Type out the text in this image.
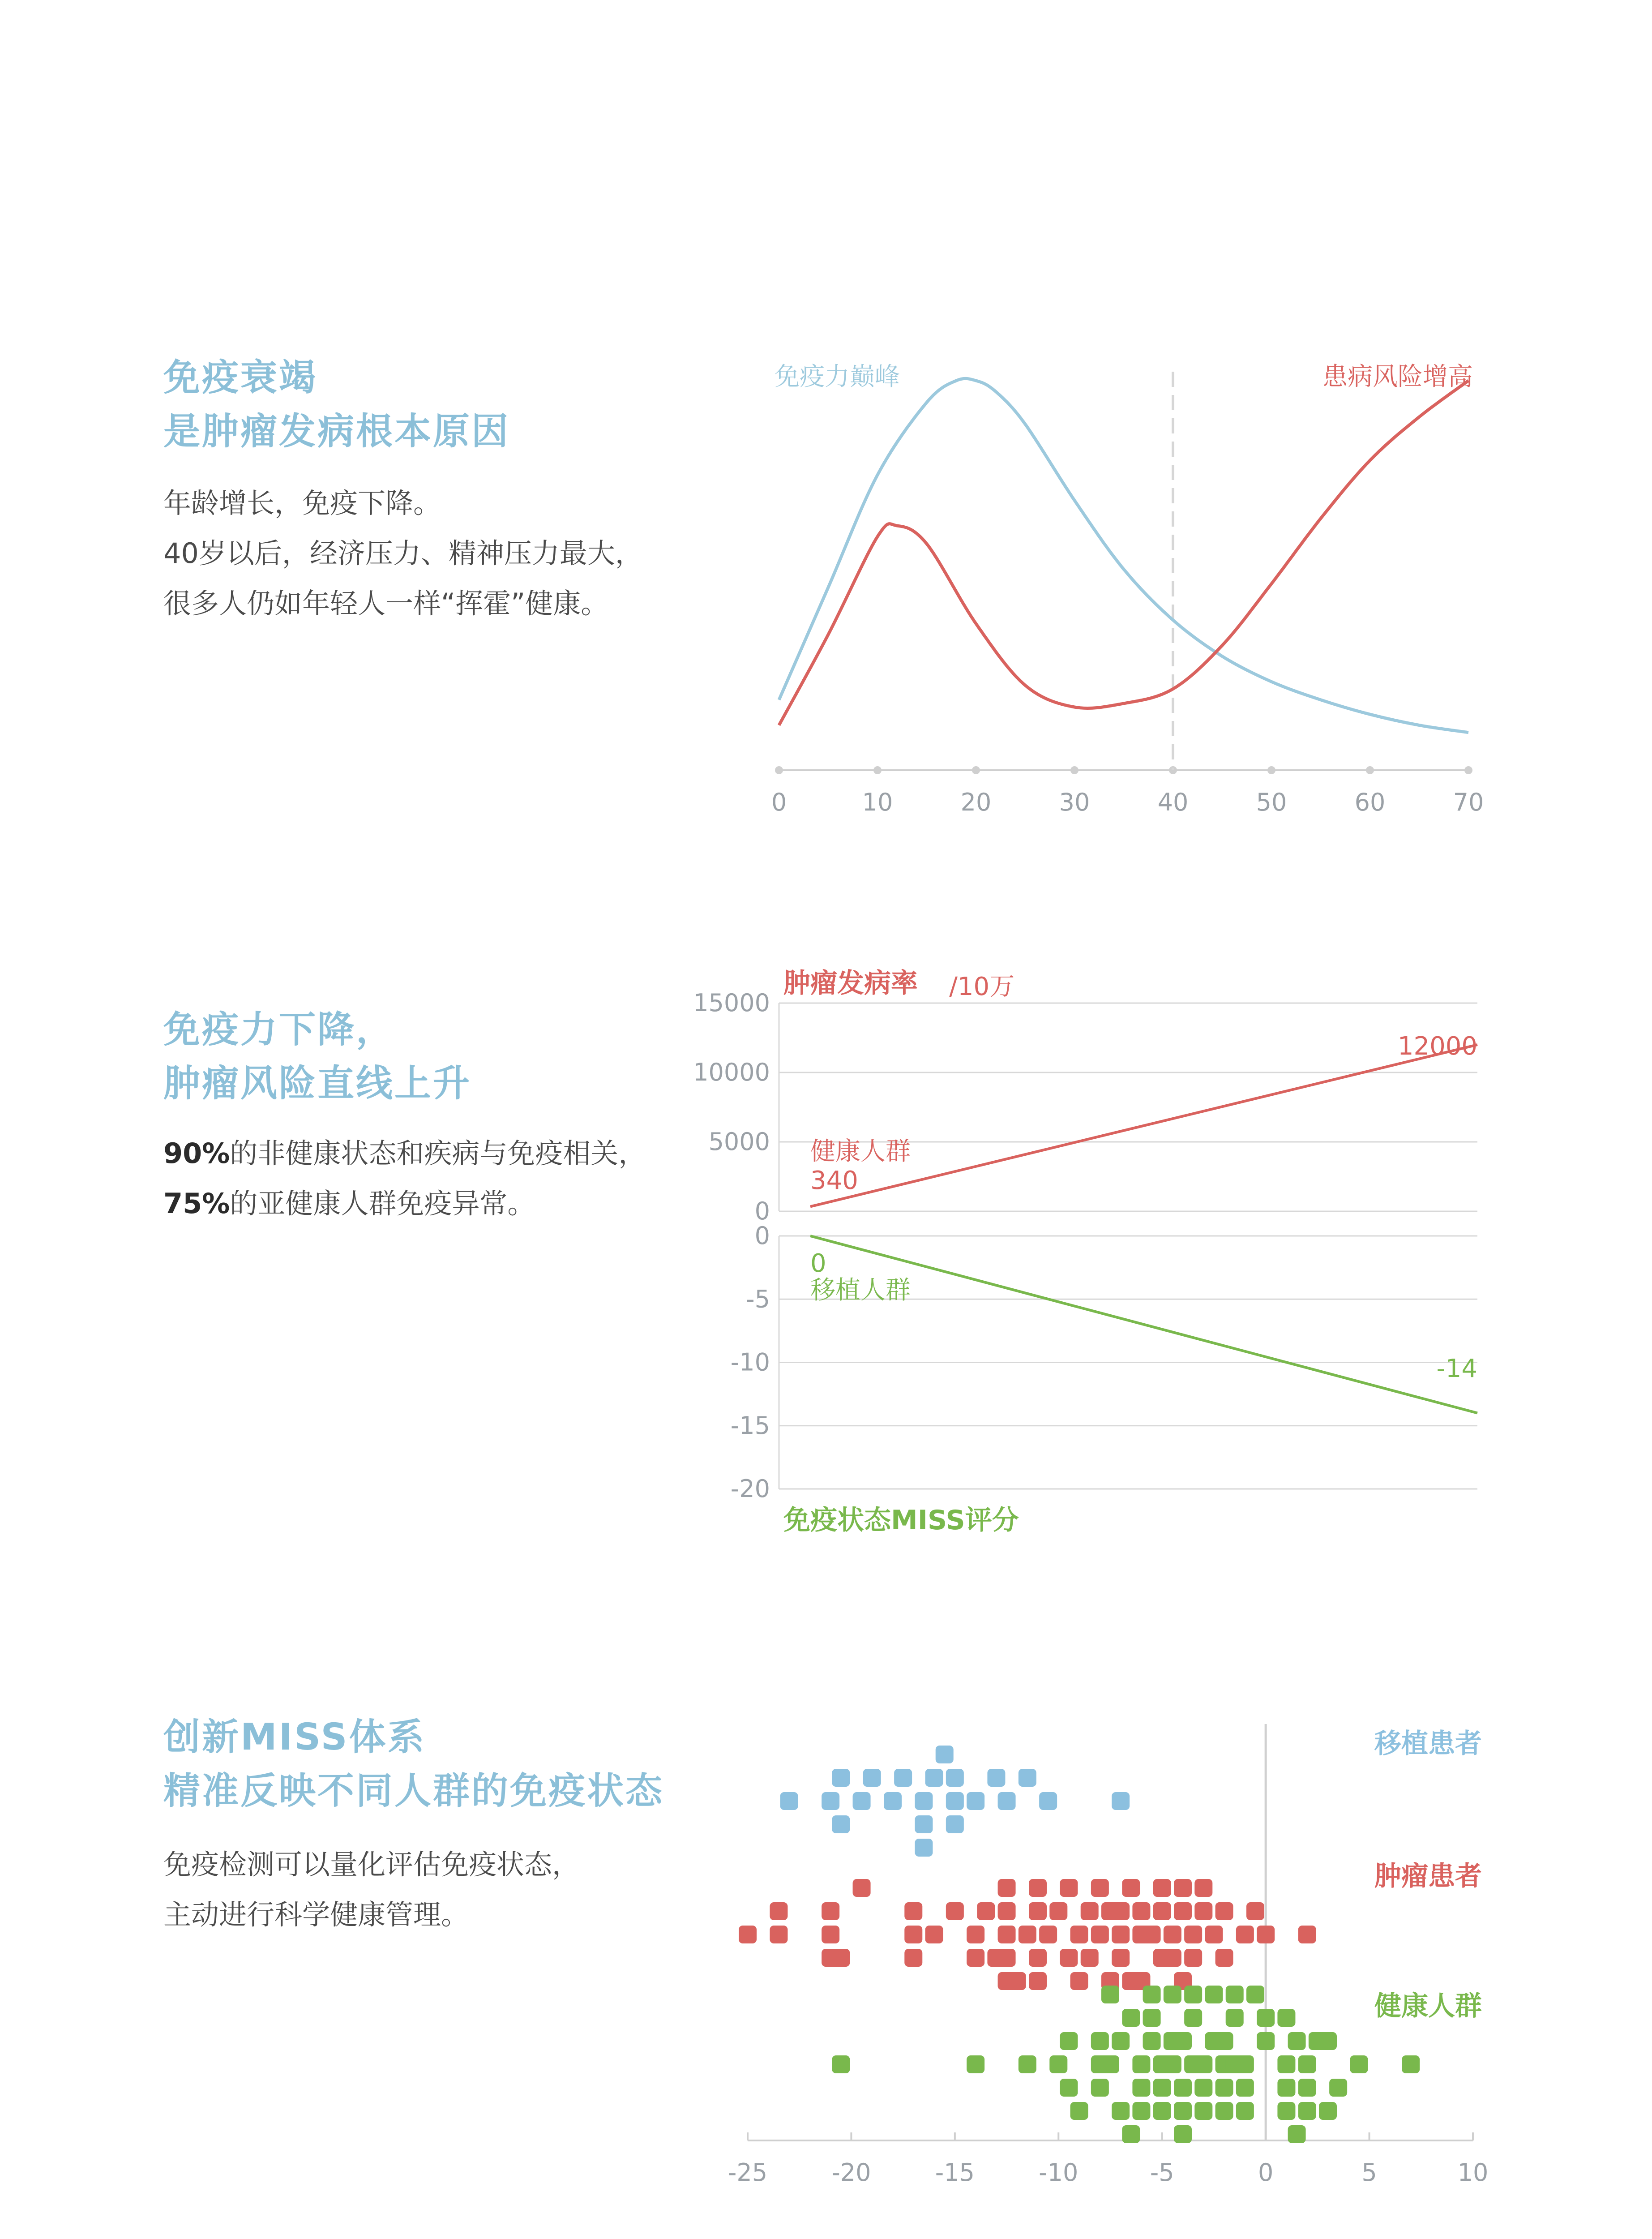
免疫衰竭
是肿瘤发病根本原因
年龄增长，免疫下降。
40岁以后，经济压力、精神压力最大，
很多人仍如年轻人一样“挥霍”健康。
0	10	20	30	40	50	60	70
免疫力巅峰	患病风险增高
免疫力下降，
肿瘤风险直线上升
90%的非健康状态和疾病与免疫相关，
75%的亚健康人群免疫异常。
肿瘤发病率 /10万
0
5000
10000
15000
健康人群
340
12000
0
-5
-10
-15
-20
0
移植人群
-14
免疫状态MISS评分
创新MISS体系
精准反映不同人群的免疫状态
免疫检测可以量化评估免疫状态，
主动进行科学健康管理。
-25	-20	-15	-10	-5	0	5	10
移植患者
肿瘤患者
健康人群
